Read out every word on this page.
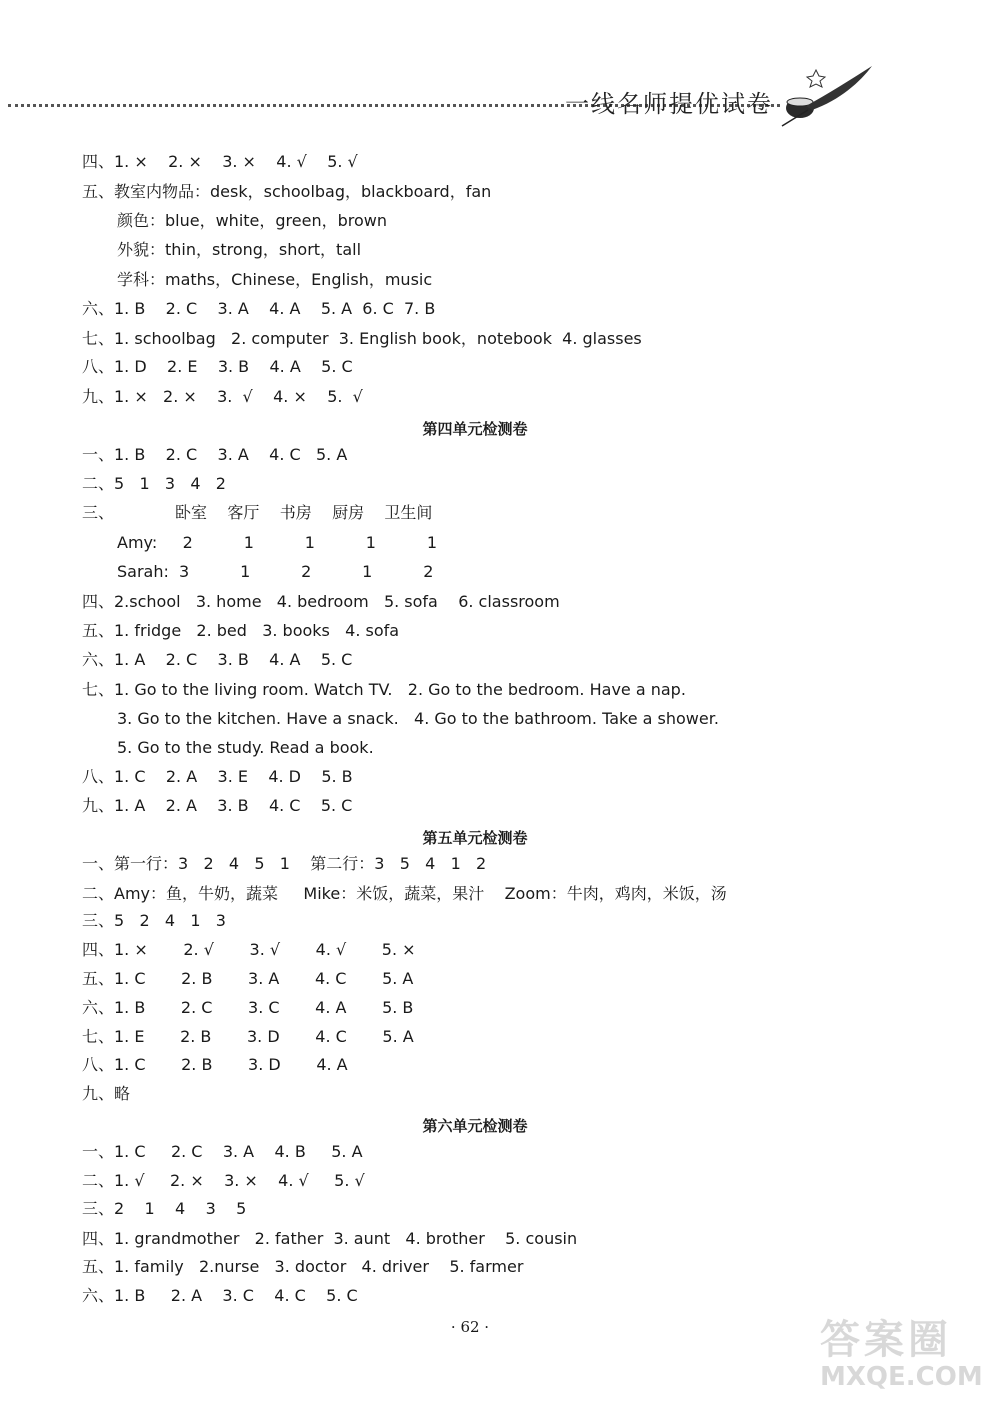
一线名师提优试卷
四、1. ×    2. ×    3. ×    4. √    5. √
五、教室内物品：desk，schoolbag，blackboard，fan
颜色：blue，white，green，brown
外貌：thin，strong，short，tall
学科：maths，Chinese，English，music
六、1. B    2. C    3. A    4. A    5. A  6. C  7. B
七、1. schoolbag   2. computer  3. English book，notebook  4. glasses
八、1. D    2. E    3. B    4. A    5. C
九、1. ×   2. ×    3.  √    4. ×    5.  √
第四单元检测卷
一、1. B    2. C    3. A    4. C   5. A
二、5   1   3   4   2
三、            卧室    客厅    书房    厨房    卫生间
Amy:     2          1          1          1          1
Sarah:  3          1          2          1          2
四、2.school   3. home   4. bedroom   5. sofa    6. classroom
五、1. fridge   2. bed   3. books   4. sofa
六、1. A    2. C    3. B    4. A    5. C
七、1. Go to the living room. Watch TV.   2. Go to the bedroom. Have a nap.
3. Go to the kitchen. Have a snack.   4. Go to the bathroom. Take a shower.
5. Go to the study. Read a book.
八、1. C    2. A    3. E    4. D    5. B
九、1. A    2. A    3. B    4. C    5. C
第五单元检测卷
一、第一行：3   2   4   5   1    第二行：3   5   4   1   2
二、Amy：鱼，牛奶，蔬菜     Mike：米饭，蔬菜，果汁    Zoom：牛肉，鸡肉，米饭，汤
三、5   2   4   1   3
四、1. ×       2. √       3. √       4. √       5. ×
五、1. C       2. B       3. A       4. C       5. A
六、1. B       2. C       3. C       4. A       5. B
七、1. E       2. B       3. D       4. C       5. A
八、1. C       2. B       3. D       4. A
九、略
第六单元检测卷
一、1. C     2. C    3. A    4. B     5. A
二、1. √     2. ×    3. ×    4. √     5. √
三、2    1    4    3    5
四、1. grandmother   2. father  3. aunt   4. brother    5. cousin
五、1. family   2.nurse   3. doctor   4. driver    5. farmer
六、1. B     2. A    3. C    4. C    5. C
· 62 ·	答案圈
MXQE.COM
